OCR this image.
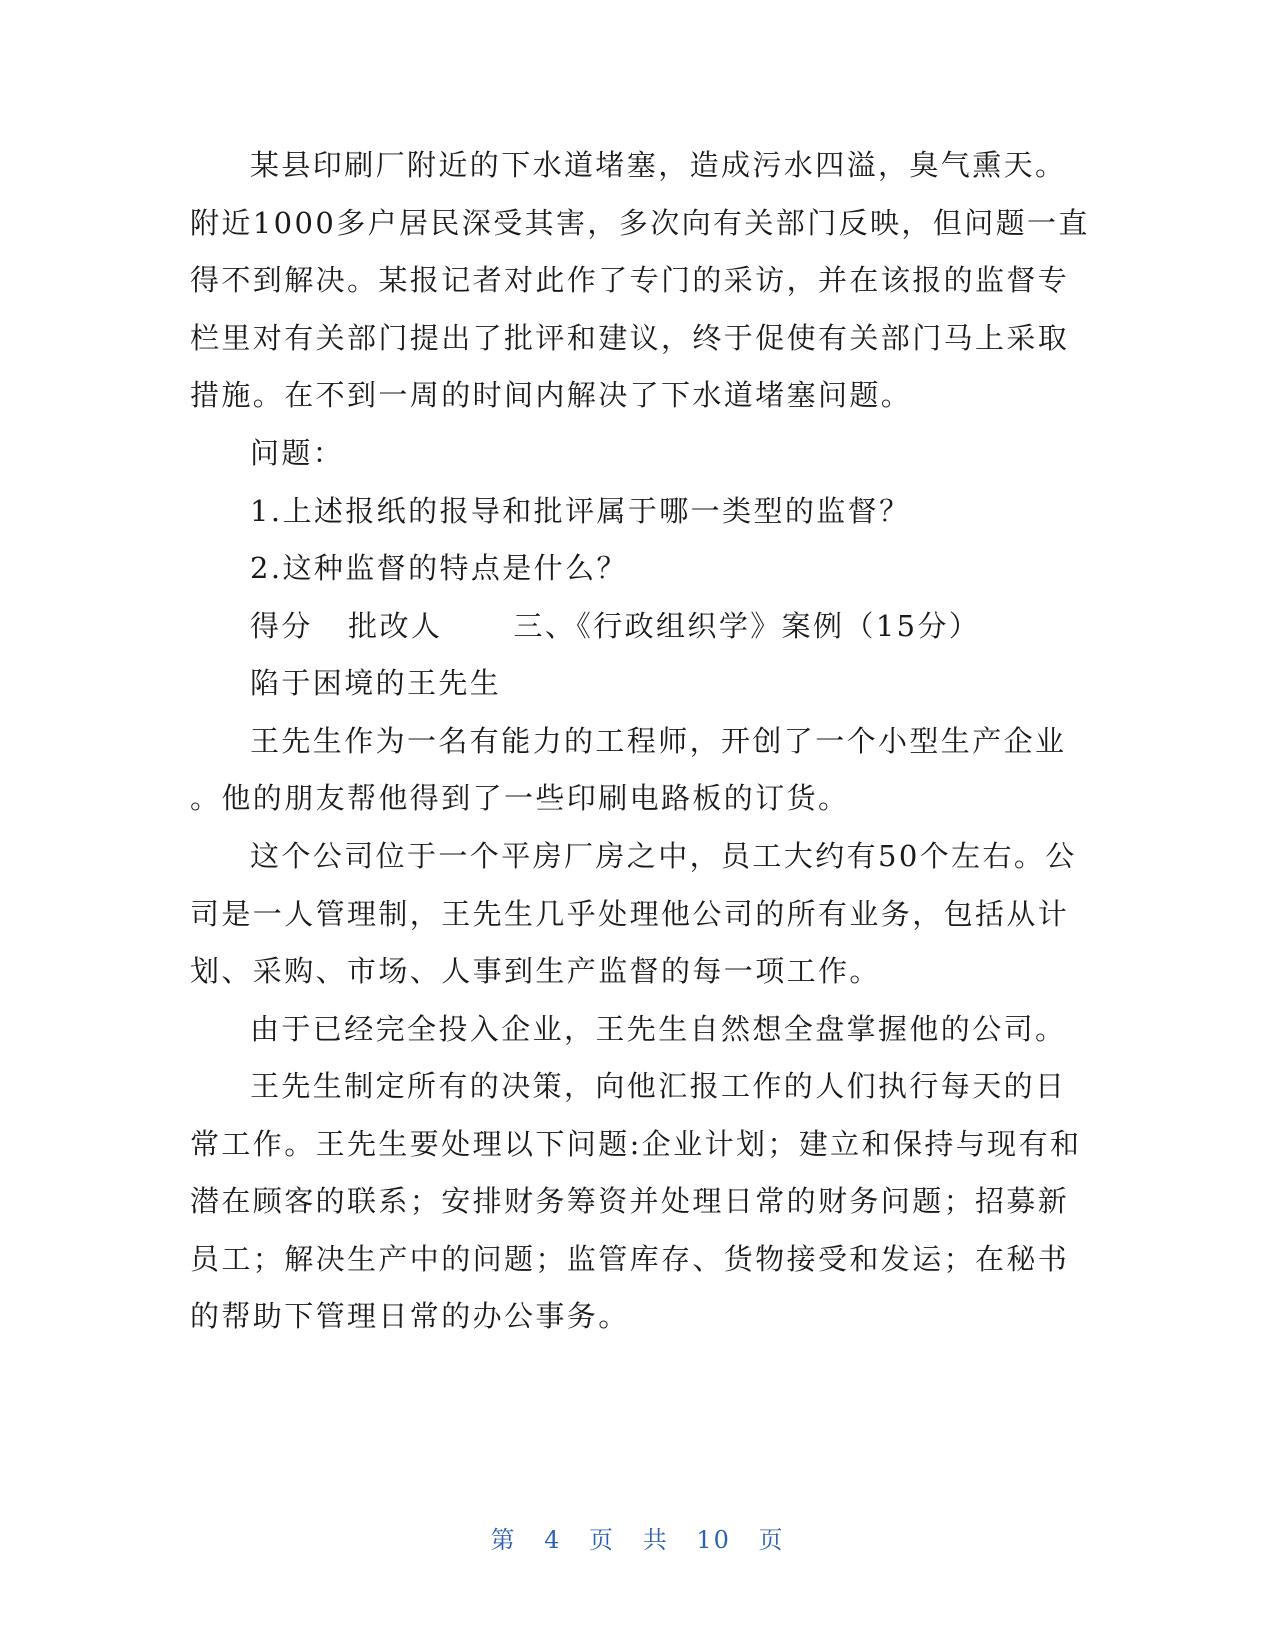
某县印刷厂附近的下水道堵塞，造成污水四溢，臭气熏天。
附近1000多户居民深受其害，多次向有关部门反映，但问题一直
得不到解决。某报记者对此作了专门的采访，并在该报的监督专
栏里对有关部门提出了批评和建议，终于促使有关部门马上采取
措施。在不到一周的时间内解决了下水道堵塞问题。
问题：
1.上述报纸的报导和批评属于哪一类型的监督？
2.这种监督的特点是什么？
得分 批改人 三、《行政组织学》案例（15分）
陷于困境的王先生
王先生作为一名有能力的工程师，开创了一个小型生产企业
。他的朋友帮他得到了一些印刷电路板的订货。
这个公司位于一个平房厂房之中，员工大约有50个左右。公
司是一人管理制，王先生几乎处理他公司的所有业务，包括从计
划、采购、市场、人事到生产监督的每一项工作。
由于已经完全投入企业，王先生自然想全盘掌握他的公司。
王先生制定所有的决策，向他汇报工作的人们执行每天的日
常工作。王先生要处理以下问题:企业计划；建立和保持与现有和
潜在顾客的联系；安排财务筹资并处理日常的财务问题；招募新
员工；解决生产中的问题；监管库存、货物接受和发运；在秘书
的帮助下管理日常的办公事务。
第 4 页 共 10 页
